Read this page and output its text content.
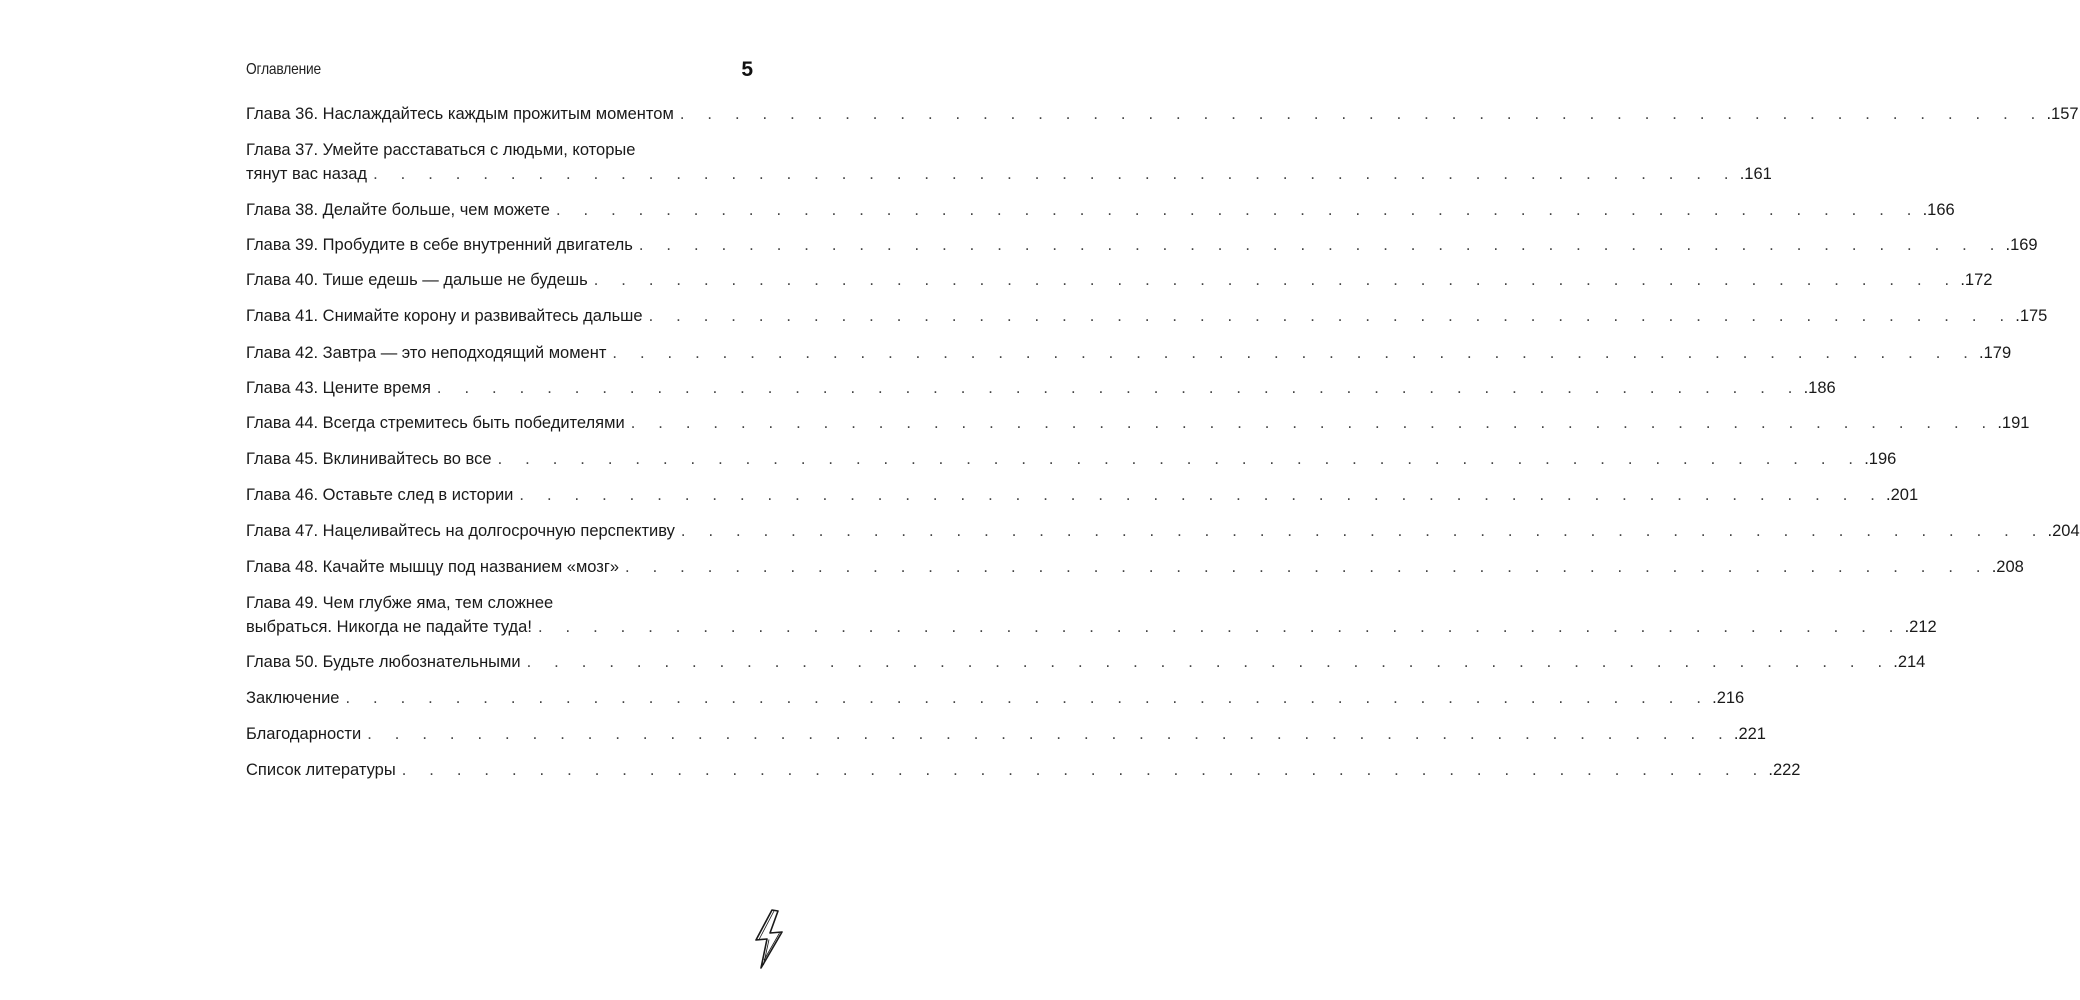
Оглавление	5
Глава 36. Наслаждайтесь каждым прожитым моментом . . . . . . . . . . . . . . . . . . . . . . . . . . . . . . . . . . . . . . . . . . . . . . . . . . .157
Глава 37. Умейте расставаться с людьми, которые
тянут вас назад . . . . . . . . . . . . . . . . . . . . . . . . . . . . . . . . . . . . . . . . . . . . . . . . . . .161
Глава 38. Делайте больше, чем можете . . . . . . . . . . . . . . . . . . . . . . . . . . . . . . . . . . . . . . . . . . . . . . . . . . .166
Глава 39. Пробудите в себе внутренний двигатель . . . . . . . . . . . . . . . . . . . . . . . . . . . . . . . . . . . . . . . . . . . . . . . . . . .169
Глава 40. Тише едешь — дальше не будешь . . . . . . . . . . . . . . . . . . . . . . . . . . . . . . . . . . . . . . . . . . . . . . . . . . .172
Глава 41. Снимайте корону и развивайтесь дальше . . . . . . . . . . . . . . . . . . . . . . . . . . . . . . . . . . . . . . . . . . . . . . . . . . .175
Глава 42. Завтра — это неподходящий момент . . . . . . . . . . . . . . . . . . . . . . . . . . . . . . . . . . . . . . . . . . . . . . . . . . .179
Глава 43. Цените время . . . . . . . . . . . . . . . . . . . . . . . . . . . . . . . . . . . . . . . . . . . . . . . . . . .186
Глава 44. Всегда стремитесь быть победителями . . . . . . . . . . . . . . . . . . . . . . . . . . . . . . . . . . . . . . . . . . . . . . . . . . .191
Глава 45. Вклинивайтесь во все . . . . . . . . . . . . . . . . . . . . . . . . . . . . . . . . . . . . . . . . . . . . . . . . . . .196
Глава 46. Оставьте след в истории . . . . . . . . . . . . . . . . . . . . . . . . . . . . . . . . . . . . . . . . . . . . . . . . . . .201
Глава 47. Нацеливайтесь на долгосрочную перспективу . . . . . . . . . . . . . . . . . . . . . . . . . . . . . . . . . . . . . . . . . . . . . . . . . . .204
Глава 48. Качайте мышцу под названием «мозг» . . . . . . . . . . . . . . . . . . . . . . . . . . . . . . . . . . . . . . . . . . . . . . . . . . .208
Глава 49. Чем глубже яма, тем сложнее
выбраться. Никогда не падайте туда! . . . . . . . . . . . . . . . . . . . . . . . . . . . . . . . . . . . . . . . . . . . . . . . . . . .212
Глава 50. Будьте любознательными . . . . . . . . . . . . . . . . . . . . . . . . . . . . . . . . . . . . . . . . . . . . . . . . . . .214
Заключение . . . . . . . . . . . . . . . . . . . . . . . . . . . . . . . . . . . . . . . . . . . . . . . . . . .216
Благодарности . . . . . . . . . . . . . . . . . . . . . . . . . . . . . . . . . . . . . . . . . . . . . . . . . . .221
Список литературы . . . . . . . . . . . . . . . . . . . . . . . . . . . . . . . . . . . . . . . . . . . . . . . . . . .222
